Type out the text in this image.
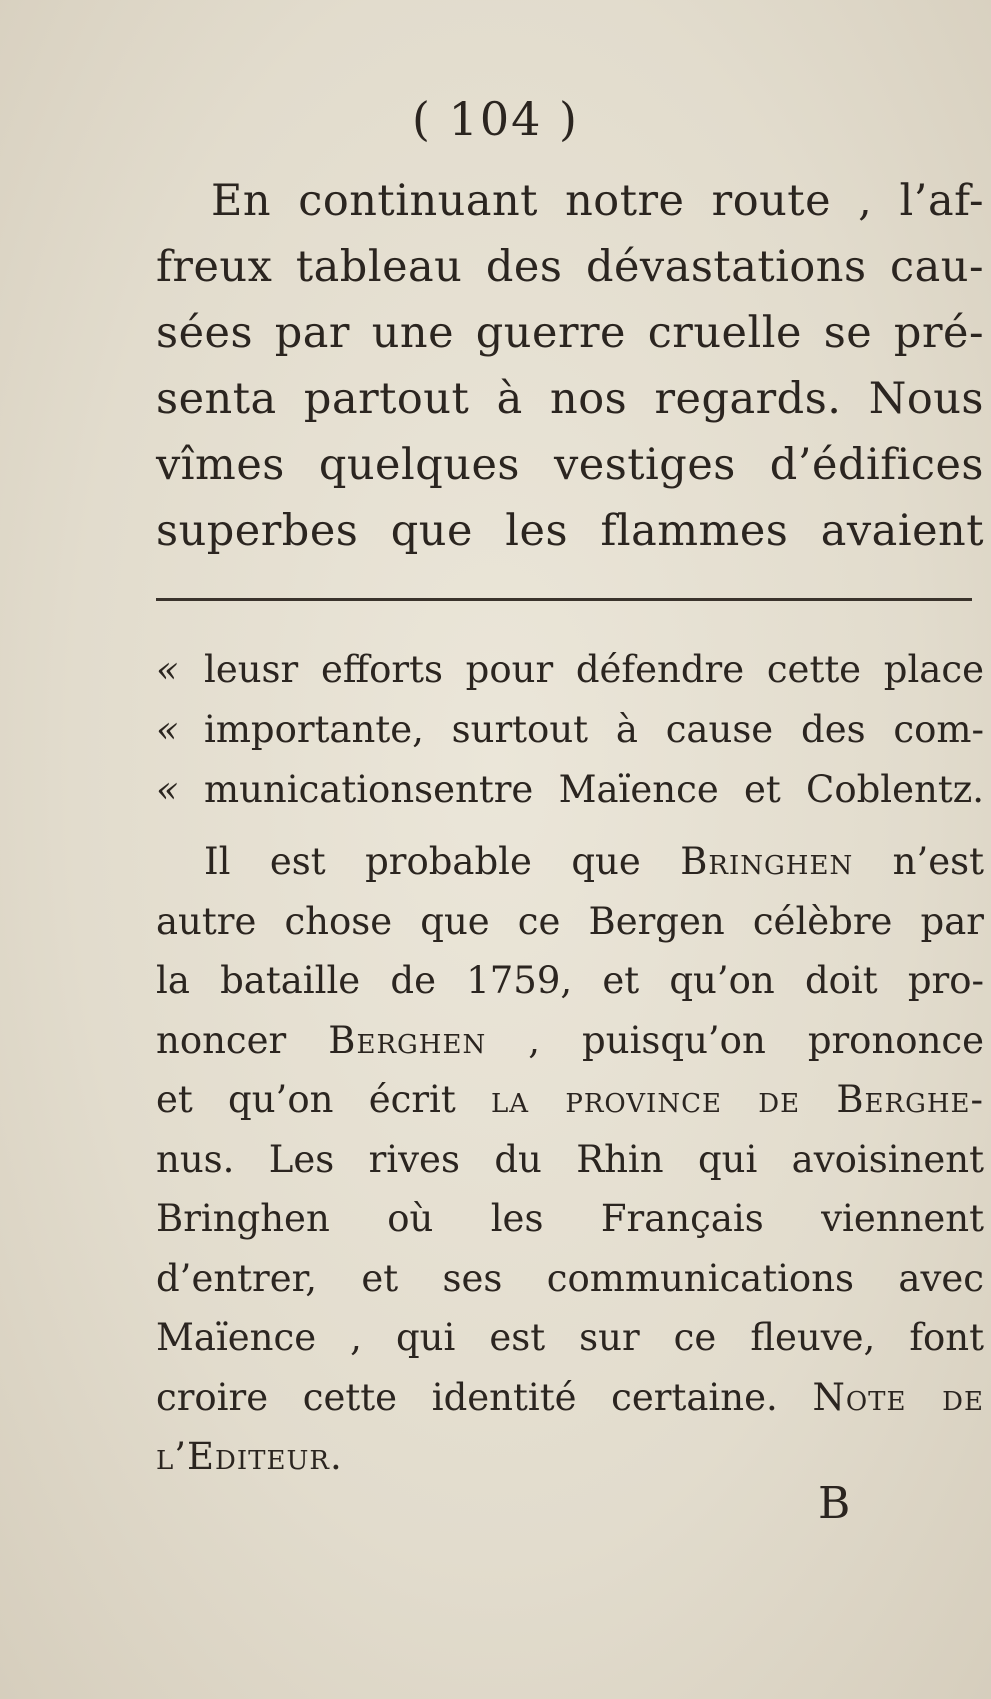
( 104 )
En continuant notre route , l’af-
freux tableau des dévastations cau-
sées par une guerre cruelle se pré-
senta partout à nos regards. Nous
vîmes quelques vestiges d’édifices
superbes que les flammes avaient
« leusr efforts pour défendre cette place
« importante, surtout à cause des com-
« municationsentre Maïence et Coblentz.
Il est probable que Bringhen n’est
autre chose que ce Bergen célèbre par
la bataille de 1759, et qu’on doit pro-
noncer Berghen , puisqu’on prononce
et qu’on écrit la province de Berghe-
nus. Les rives du Rhin qui avoisinent
Bringhen où les Français viennent
d’entrer, et ses communications avec
Maïence , qui est sur ce fleuve, font
croire cette identité certaine. Note de
l’Editeur.
B
